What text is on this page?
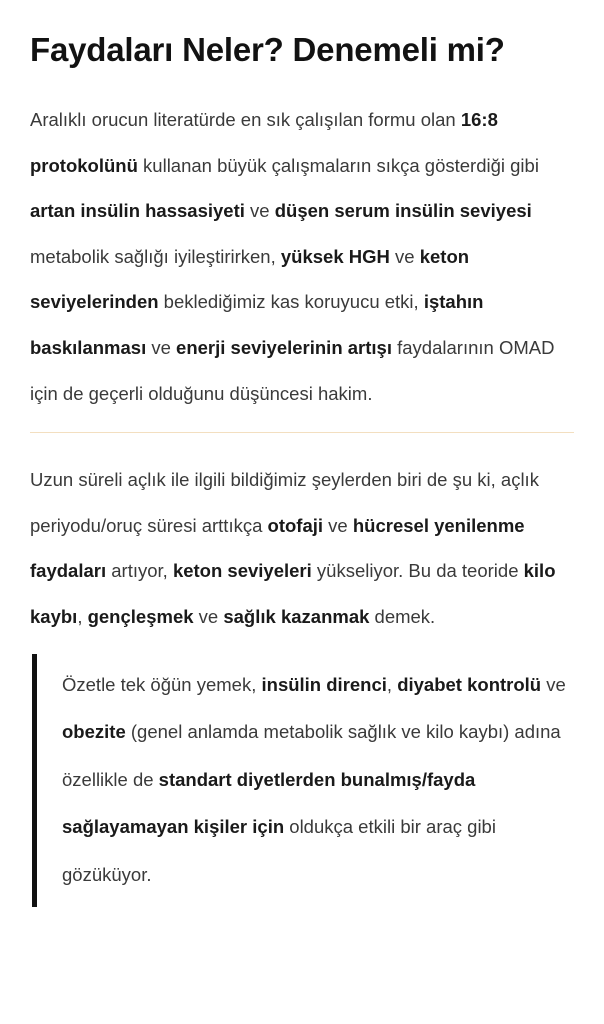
Faydaları Neler? Denemeli mi?

Aralıklı orucun literatürde en sık çalışılan formu olan 16:8 protokolünü kullanan büyük çalışmaların sıkça gösterdiği gibi artan insülin hassasiyeti ve düşen serum insülin seviyesi metabolik sağlığı iyileştirirken, yüksek HGH ve keton seviyelerinden beklediğimiz kas koruyucu etki, iştahın baskılanması ve enerji seviyelerinin artışı faydalarının OMAD için de geçerli olduğunu düşüncesi hakim.

Uzun süreli açlık ile ilgili bildiğimiz şeylerden biri de şu ki, açlık periyodu/oruç süresi arttıkça otofaji ve hücresel yenilenme faydaları artıyor, keton seviyeleri yükseliyor. Bu da teoride kilo kaybı, gençleşmek ve sağlık kazanmak demek.

Özetle tek öğün yemek, insülin direnci, diyabet kontrolü ve obezite (genel anlamda metabolik sağlık ve kilo kaybı) adına özellikle de standart diyetlerden bunalmış/fayda sağlayamayan kişiler için oldukça etkili bir araç gibi gözüküyor.
